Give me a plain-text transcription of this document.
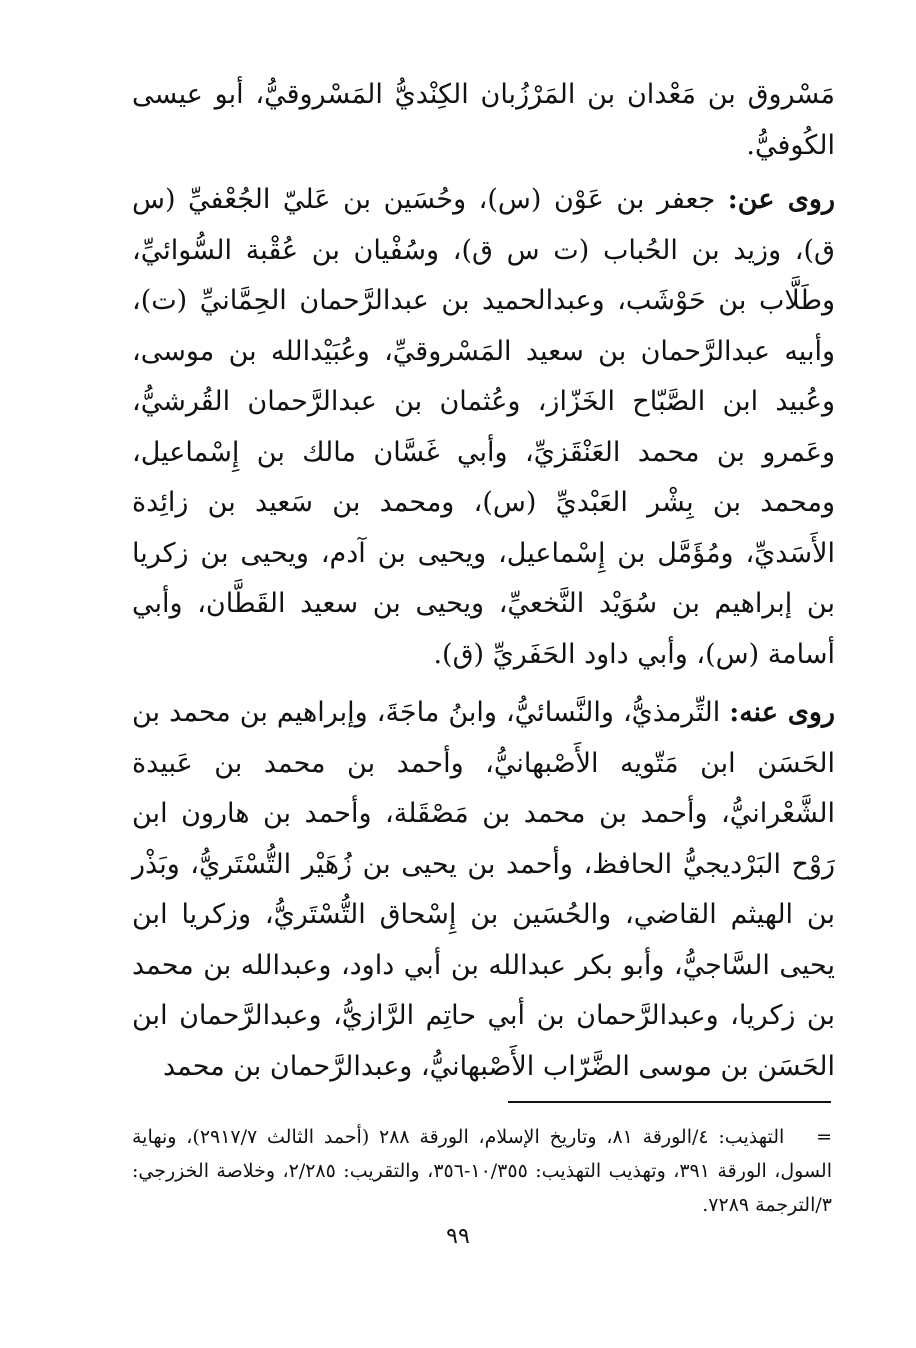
مَسْروق بن مَعْدان بن المَرْزُبان الكِنْديُّ المَسْروقيُّ، أبو عيسى الكُوفيُّ.

روى عن: جعفر بن عَوْن (س)، وحُسَين بن عَليّ الجُعْفيِّ (س ق)، وزيد بن الحُباب (ت س ق)، وسُفْيان بن عُقْبة السُّوائيِّ، وطَلَّاب بن حَوْشَب، وعبدالحميد بن عبدالرَّحمان الحِمَّانيِّ (ت)، وأبيه عبدالرَّحمان بن سعيد المَسْروقيِّ، وعُبَيْدالله بن موسى، وعُبيد ابن الصَّبّاح الخَزّاز، وعُثمان بن عبدالرَّحمان القُرشيُّ، وعَمرو بن محمد العَنْقَزيِّ، وأبي غَسَّان مالك بن إِسْماعيل، ومحمد بن بِشْر العَبْديِّ (س)، ومحمد بن سَعيد بن زائِدة الأَسَديِّ، ومُؤَمَّل بن إِسْماعيل، ويحيى بن آدم، ويحيى بن زكريا بن إبراهيم بن سُوَيْد النَّخعيِّ، ويحيى بن سعيد القَطَّان، وأبي أسامة (س)، وأبي داود الحَفَريِّ (ق).

روى عنه: التِّرمذيُّ، والنَّسائيُّ، وابنُ ماجَةَ، وإبراهيم بن محمد بن الحَسَن ابن مَتّويه الأَصْبهانيُّ، وأحمد بن محمد بن عَبيدة الشَّعْرانيُّ، وأحمد بن محمد بن مَصْقَلة، وأحمد بن هارون ابن رَوْح البَرْديجيُّ الحافظ، وأحمد بن يحيى بن زُهَيْر التُّسْتَريُّ، وبَذْر بن الهيثم القاضي، والحُسَين بن إِسْحاق التُّسْتَريُّ، وزكريا ابن يحيى السَّاجيُّ، وأبو بكر عبدالله بن أبي داود، وعبدالله بن محمد بن زكريا، وعبدالرَّحمان بن أبي حاتِم الرَّازيُّ، وعبدالرَّحمان ابن الحَسَن بن موسى الضَّرّاب الأَصْبهانيُّ، وعبدالرَّحمان بن محمد

= التهذيب: ٤/الورقة ٨١، وتاريخ الإسلام، الورقة ٢٨٨ (أحمد الثالث ٢٩١٧/٧)، ونهاية السول، الورقة ٣٩١، وتهذيب التهذيب: ١٠/٣٥٥-٣٥٦، والتقريب: ٢/٢٨٥، وخلاصة الخزرجي: ٣/الترجمة ٧٢٨٩.

٩٩
